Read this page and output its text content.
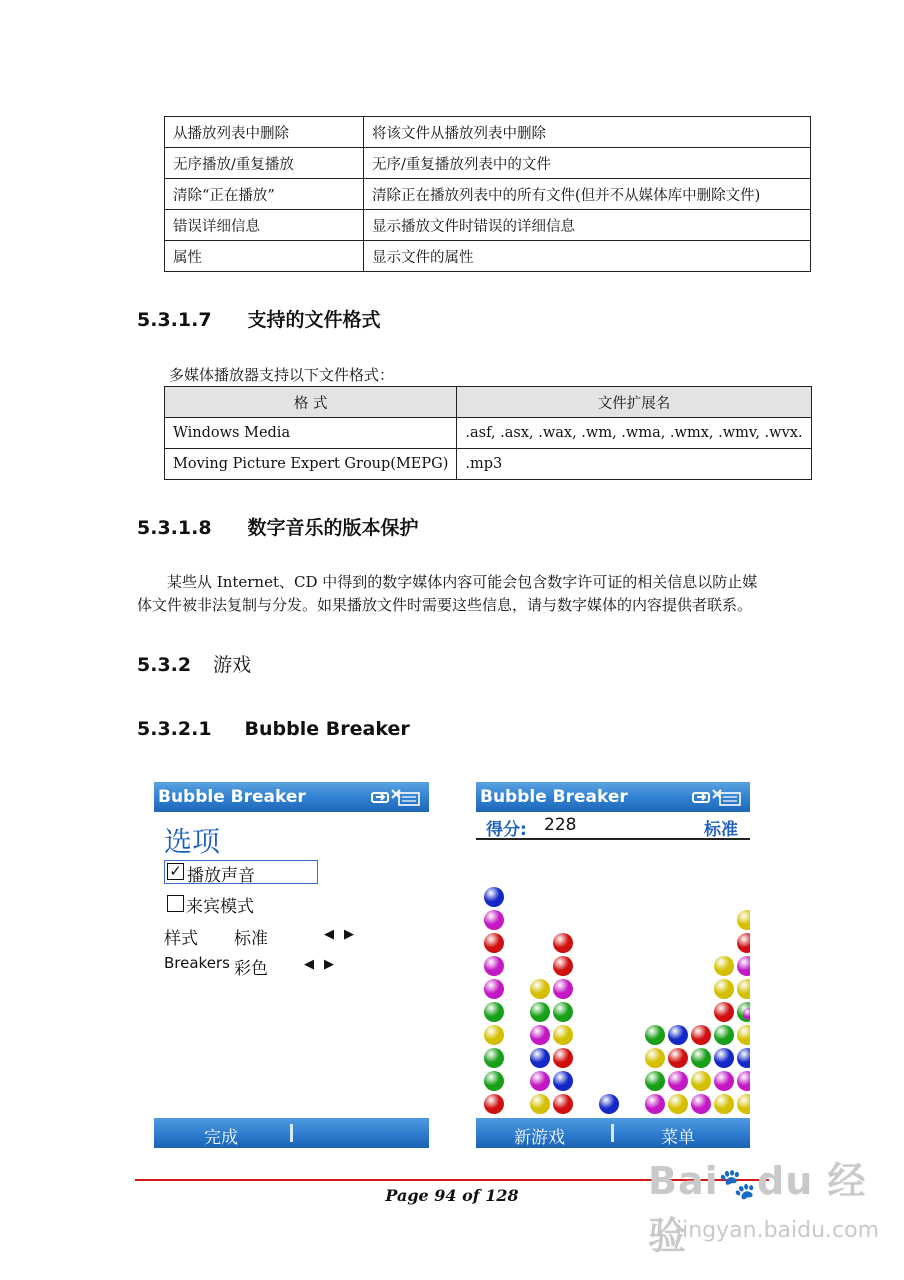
从播放列表中删除	将该文件从播放列表中删除
无序播放/重复播放	无序/重复播放列表中的文件
清除“正在播放”	清除正在播放列表中的所有文件(但并不从媒体库中删除文件)
错误详细信息	显示播放文件时错误的详细信息
属性	显示文件的属性
5.3.1.7 支持的文件格式
多媒体播放器支持以下文件格式：
格 式	文件扩展名
Windows Media	.asf, .asx, .wax, .wm, .wma, .wmx, .wmv, .wvx.
Moving Picture Expert Group(MEPG)	.mp3
5.3.1.8 数字音乐的版本保护
某些从 Internet、CD 中得到的数字媒体内容可能会包含数字许可证的相关信息以防止媒
体文件被非法复制与分发。如果播放文件时需要这些信息，请与数字媒体的内容提供者联系。
5.3.2 游戏
5.3.2.1 Bubble Breaker
Bubble Breaker
选项
✓ 播放声音
来宾模式
样式 标准	◀ ▶
Breakers 彩色	◀ ▶
完成
Bubble Breaker
得分: 228	标准
新游戏	菜单
Page 94 of 128	Bai🐾du 经验
jingyan.baidu.com
